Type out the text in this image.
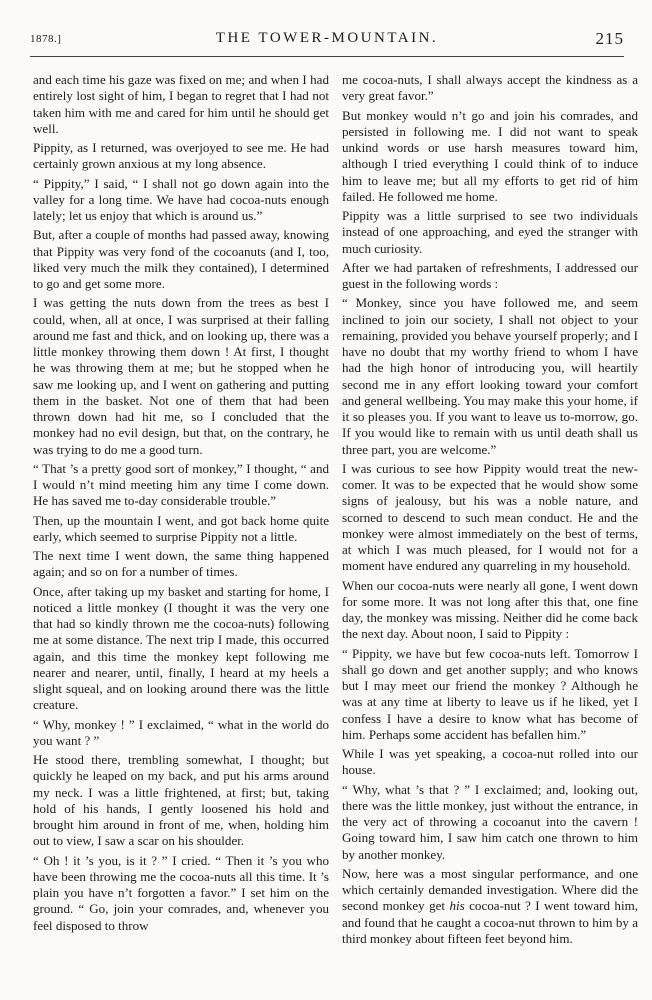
1878.]	THE TOWER-MOUNTAIN.	215

and each time his gaze was fixed on me; and when I had entirely lost sight of him, I began to regret that I had not taken him with me and cared for him until he should get well.

Pippity, as I returned, was overjoyed to see me. He had certainly grown anxious at my long absence.

“ Pippity,” I said, “ I shall not go down again into the valley for a long time. We have had cocoa-nuts enough lately; let us enjoy that which is around us.”

But, after a couple of months had passed away, knowing that Pippity was very fond of the cocoanuts (and I, too, liked very much the milk they contained), I determined to go and get some more.

I was getting the nuts down from the trees as best I could, when, all at once, I was surprised at their falling around me fast and thick, and on looking up, there was a little monkey throwing them down ! At first, I thought he was throwing them at me; but he stopped when he saw me looking up, and I went on gathering and putting them in the basket. Not one of them that had been thrown down had hit me, so I concluded that the monkey had no evil design, but that, on the contrary, he was trying to do me a good turn.

“ That ’s a pretty good sort of monkey,” I thought, “ and I would n’t mind meeting him any time I come down. He has saved me to-day considerable trouble.”

Then, up the mountain I went, and got back home quite early, which seemed to surprise Pippity not a little.

The next time I went down, the same thing happened again; and so on for a number of times.

Once, after taking up my basket and starting for home, I noticed a little monkey (I thought it was the very one that had so kindly thrown me the cocoa-nuts) following me at some distance. The next trip I made, this occurred again, and this time the monkey kept following me nearer and nearer, until, finally, I heard at my heels a slight squeal, and on looking around there was the little creature.

“ Why, monkey ! ” I exclaimed, “ what in the world do you want ? ”

He stood there, trembling somewhat, I thought; but quickly he leaped on my back, and put his arms around my neck. I was a little frightened, at first; but, taking hold of his hands, I gently loosened his hold and brought him around in front of me, when, holding him out to view, I saw a scar on his shoulder.

“ Oh ! it ’s you, is it ? ” I cried. “ Then it ’s you who have been throwing me the cocoa-nuts all this time. It ’s plain you have n’t forgotten a favor.” I set him on the ground. “ Go, join your comrades, and, whenever you feel disposed to throw

me cocoa-nuts, I shall always accept the kindness as a very great favor.”

But monkey would n’t go and join his comrades, and persisted in following me. I did not want to speak unkind words or use harsh measures toward him, although I tried everything I could think of to induce him to leave me; but all my efforts to get rid of him failed. He followed me home.

Pippity was a little surprised to see two individuals instead of one approaching, and eyed the stranger with much curiosity.

After we had partaken of refreshments, I addressed our guest in the following words :

“ Monkey, since you have followed me, and seem inclined to join our society, I shall not object to your remaining, provided you behave yourself properly; and I have no doubt that my worthy friend to whom I have had the high honor of introducing you, will heartily second me in any effort looking toward your comfort and general wellbeing. You may make this your home, if it so pleases you. If you want to leave us to-morrow, go. If you would like to remain with us until death shall us three part, you are welcome.”

I was curious to see how Pippity would treat the new-comer. It was to be expected that he would show some signs of jealousy, but his was a noble nature, and scorned to descend to such mean conduct. He and the monkey were almost immediately on the best of terms, at which I was much pleased, for I would not for a moment have endured any quarreling in my household.

When our cocoa-nuts were nearly all gone, I went down for some more. It was not long after this that, one fine day, the monkey was missing. Neither did he come back the next day. About noon, I said to Pippity :

“ Pippity, we have but few cocoa-nuts left. Tomorrow I shall go down and get another supply; and who knows but I may meet our friend the monkey ? Although he was at any time at liberty to leave us if he liked, yet I confess I have a desire to know what has become of him. Perhaps some accident has befallen him.”

While I was yet speaking, a cocoa-nut rolled into our house.

“ Why, what ’s that ? ” I exclaimed; and, looking out, there was the little monkey, just without the entrance, in the very act of throwing a cocoanut into the cavern ! Going toward him, I saw him catch one thrown to him by another monkey.

Now, here was a most singular performance, and one which certainly demanded investigation. Where did the second monkey get his cocoa-nut ? I went toward him, and found that he caught a cocoa-nut thrown to him by a third monkey about fifteen feet beyond him.
